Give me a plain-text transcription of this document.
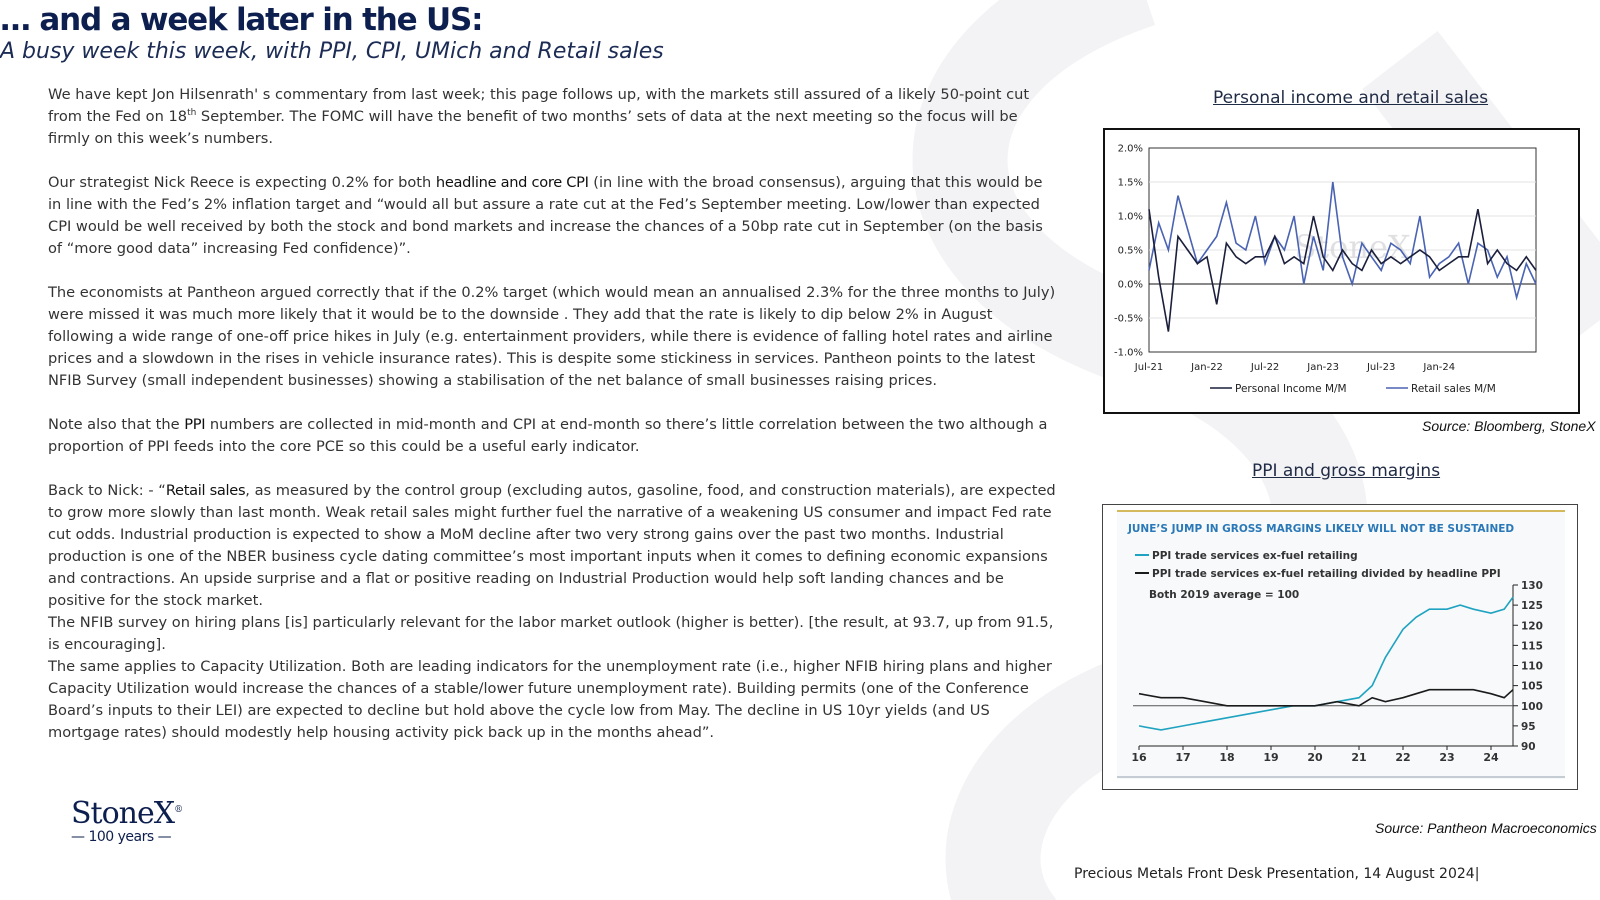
… and a week later in the US:
A busy week this week, with PPI, CPI, UMich and Retail sales

We have kept Jon Hilsenrath' s commentary from last week; this page follows up, with the markets still assured of a likely 50-point cut from the Fed on 18th September. The FOMC will have the benefit of two months’ sets of data at the next meeting so the focus will be firmly on this week’s numbers.

Our strategist Nick Reece is expecting 0.2% for both headline and core CPI (in line with the broad consensus), arguing that this would be in line with the Fed’s 2% inflation target and “would all but assure a rate cut at the Fed’s September meeting. Low/lower than expected CPI would be well received by both the stock and bond markets and increase the chances of a 50bp rate cut in September (on the basis of “more good data” increasing Fed confidence)”.

The economists at Pantheon argued correctly that if the 0.2% target (which would mean an annualised 2.3% for the three months to July) were missed it was much more likely that it would be to the downside . They add that the rate is likely to dip below 2% in August following a wide range of one-off price hikes in July (e.g. entertainment providers, while there is evidence of falling hotel rates and airline prices and a slowdown in the rises in vehicle insurance rates). This is despite some stickiness in services. Pantheon points to the latest NFIB Survey (small independent businesses) showing a stabilisation of the net balance of small businesses raising prices.

Note also that the PPI numbers are collected in mid-month and CPI at end-month so there’s little correlation between the two although a proportion of PPI feeds into the core PCE so this could be a useful early indicator.

Back to Nick: - “Retail sales, as measured by the control group (excluding autos, gasoline, food, and construction materials), are expected to grow more slowly than last month. Weak retail sales might further fuel the narrative of a weakening US consumer and impact Fed rate cut odds. Industrial production is expected to show a MoM decline after two very strong gains over the past two months. Industrial production is one of the NBER business cycle dating committee’s most important inputs when it comes to defining economic expansions and contractions. An upside surprise and a flat or positive reading on Industrial Production would help soft landing chances and be positive for the stock market.

The NFIB survey on hiring plans [is] particularly relevant for the labor market outlook (higher is better). [the result, at 93.7, up from 91.5, is encouraging].

The same applies to Capacity Utilization. Both are leading indicators for the unemployment rate (i.e., higher NFIB hiring plans and higher Capacity Utilization would increase the chances of a stable/lower future unemployment rate). Building permits (one of the Conference Board’s inputs to their LEI) are expected to decline but hold above the cycle low from May. The decline in US 10yr yields (and US mortgage rates) should modestly help housing activity pick back up in the months ahead”.

Personal income and retail sales
2.0%
1.5%
1.0%
0.5%
0.0%
-0.5%
-1.0%
Jul-21	Jan-22	Jul-22	Jan-23	Jul-23	Jan-24
StoneX
Personal Income M/M	Retail sales M/M
Source: Bloomberg, StoneX
PPI and gross margins
JUNE’S JUMP IN GROSS MARGINS LIKELY WILL NOT BE SUSTAINED
130
125
120
115
110
105
100
95
90
16	17	18	19	20	21	22	23	24
PPI trade services ex-fuel retailing
PPI trade services ex-fuel retailing divided by headline PPI
Both 2019 average = 100
Source: Pantheon Macroeconomics
StoneX®
— 100 years —
Precious Metals Front Desk Presentation, 14 August 2024|
